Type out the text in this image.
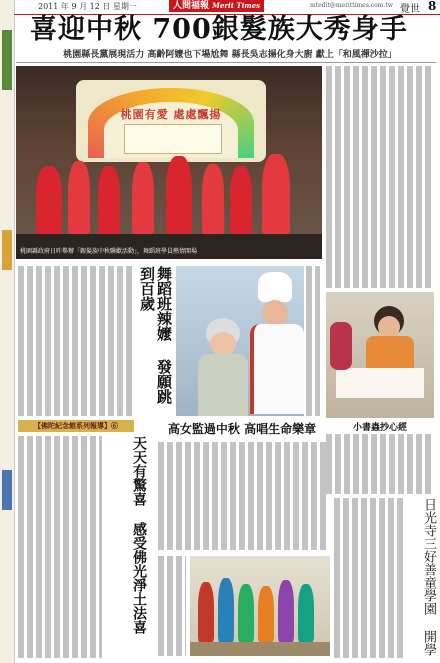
2011 年 9 月 12 日 星期一	人間福報 Merit Times	mtedit@merittimes.com.tw 覺世 8
喜迎中秋 700銀髮族大秀身手
桃園縣長黨展現活力 高齡阿嬤也下場尬舞 縣長吳志揚化身大廚 獻上「和風禪沙拉」
桃園有愛 處處飄揚
桃園縣政府日昨舉辦「銀髮族中秋聯歡活動」，舞蹈班學員熱情開場
舞蹈班辣嬤 發願跳到百歲
小書蟲抄心經
【佛陀紀念館系列報導】⑥
天天有驚喜 感受佛光淨土法喜
高女監過中秋 高唱生命樂章
日光寺三好善童學園 開學
